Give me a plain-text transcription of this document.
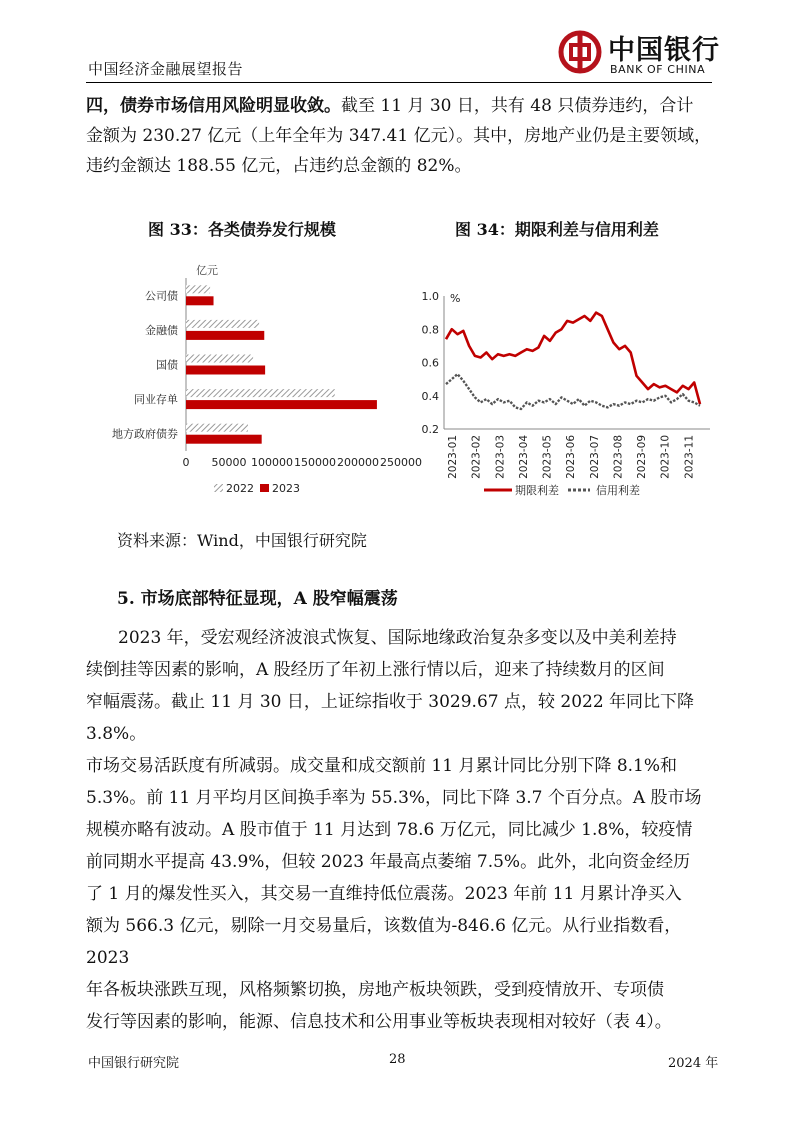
中国经济金融展望报告
中国银行
BANK OF CHINA
四，债券市场信用风险明显收敛。截至 11 月 30 日，共有 48 只债券违约，合计
金额为 230.27 亿元（上年全年为 347.41 亿元）。其中，房地产业仍是主要领域，
违约金额达 188.55 亿元，占违约总金额的 82%。
图 33：各类债券发行规模	图 34：期限利差与信用利差
亿元
公司债
金融债
国债
同业存单
地方政府债券
0 50000 100000 150000 200000 250000
2022 2023
0.2
0.4
0.6
0.8
1.0 %
2023-01 2023-02 2023-03 2023-04 2023-05 2023-06 2023-07 2023-08 2023-09 2023-10 2023-11
期限利差	信用利差
资料来源：Wind，中国银行研究院
5. 市场底部特征显现，A 股窄幅震荡
2023 年，受宏观经济波浪式恢复、国际地缘政治复杂多变以及中美利差持
续倒挂等因素的影响，A 股经历了年初上涨行情以后，迎来了持续数月的区间
窄幅震荡。截止 11 月 30 日，上证综指收于 3029.67 点，较 2022 年同比下降 3.8%。
市场交易活跃度有所减弱。成交量和成交额前 11 月累计同比分别下降 8.1%和
5.3%。前 11 月平均月区间换手率为 55.3%，同比下降 3.7 个百分点。A 股市场
规模亦略有波动。A 股市值于 11 月达到 78.6 万亿元，同比减少 1.8%，较疫情
前同期水平提高 43.9%，但较 2023 年最高点萎缩 7.5%。此外，北向资金经历
了 1 月的爆发性买入，其交易一直维持低位震荡。2023 年前 11 月累计净买入
额为 566.3 亿元，剔除一月交易量后，该数值为-846.6 亿元。从行业指数看，2023
年各板块涨跌互现，风格频繁切换，房地产板块领跌，受到疫情放开、专项债
发行等因素的影响，能源、信息技术和公用事业等板块表现相对较好（表 4）。
中国银行研究院	28	2024 年
